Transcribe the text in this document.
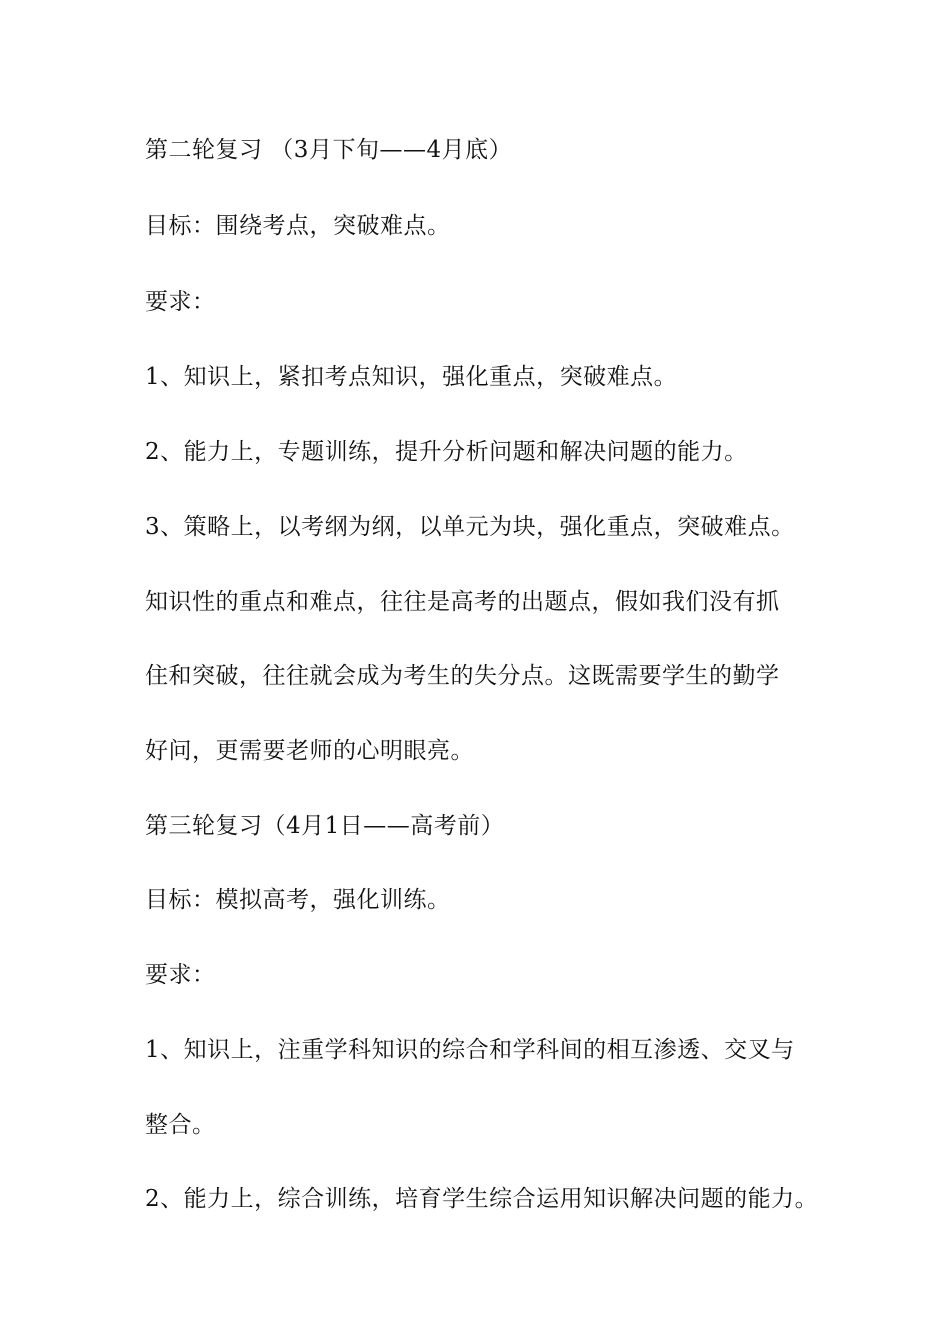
第二轮复习 （3月下旬——4月底）

目标：围绕考点，突破难点。

要求：

1、知识上，紧扣考点知识，强化重点，突破难点。

2、能力上，专题训练，提升分析问题和解决问题的能力。

3、策略上，以考纲为纲，以单元为块，强化重点，突破难点。

知识性的重点和难点，往往是高考的出题点，假如我们没有抓

住和突破，往往就会成为考生的失分点。这既需要学生的勤学

好问，更需要老师的心明眼亮。

第三轮复习（4月1日——高考前）

目标：模拟高考，强化训练。

要求：

1、知识上，注重学科知识的综合和学科间的相互渗透、交叉与

整合。

2、能力上，综合训练，培育学生综合运用知识解决问题的能力。
